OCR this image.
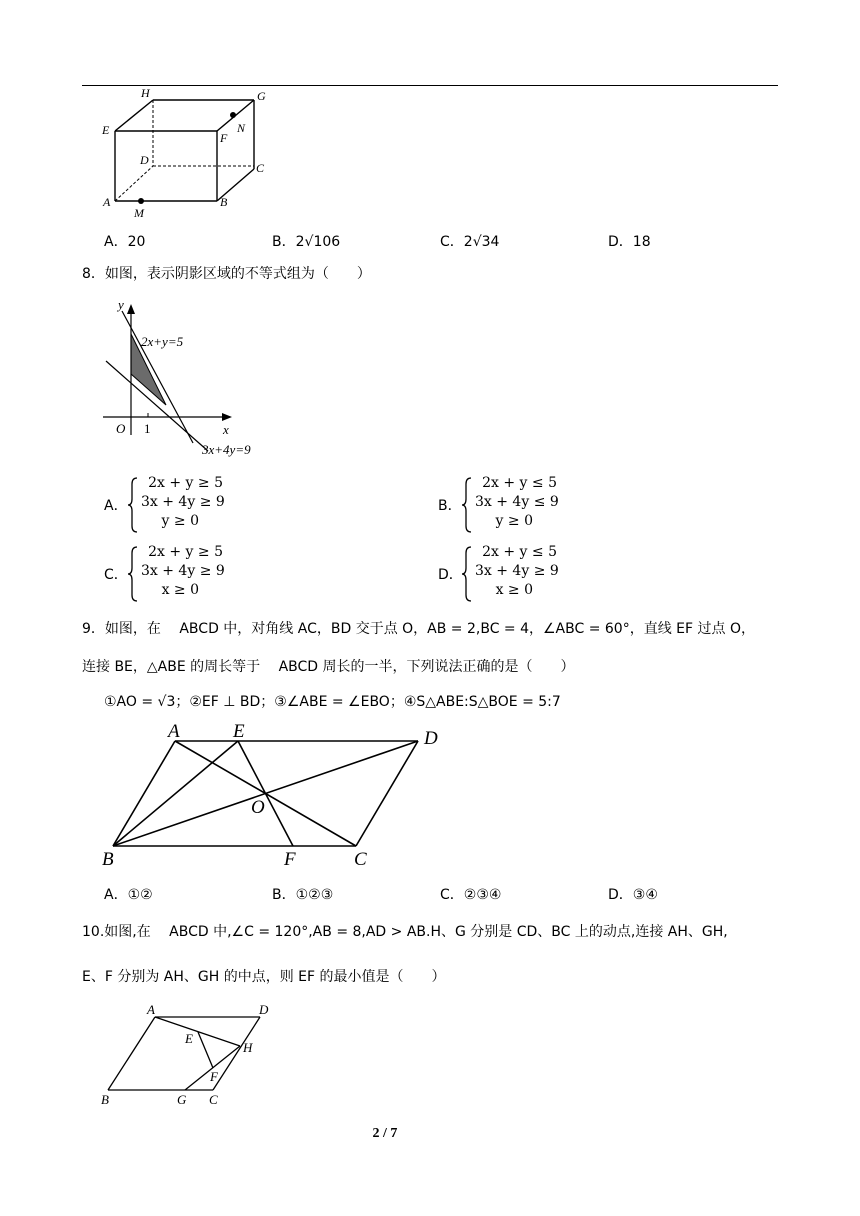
H	G
E
F
N
D
C
A	B
M
A．20	B．2√106	C．2√34	D．18
8．如图，表示阴影区域的不等式组为（　　）
y
2x+y=5
x
O 1
3x+4y=9
A．
2x + y ≥ 5
3x + 4y ≥ 9
y ≥ 0
B．
2x + y ≤ 5
3x + 4y ≤ 9
y ≥ 0
C．
2x + y ≥ 5
3x + 4y ≥ 9
x ≥ 0
D．
2x + y ≤ 5
3x + 4y ≥ 9
x ≥ 0
9．如图，在　 ABCD 中，对角线 AC，BD 交于点 O，AB = 2,BC = 4，∠ABC = 60°，直线 EF 过点 O，
连接 BE，△ABE 的周长等于　 ABCD 周长的一半，下列说法正确的是（　　）
①AO = √3；②EF ⊥ BD；③∠ABE = ∠EBO；④S△ABE:S△BOE = 5:7
A	E	D
O
B	F	C
A．①②	B．①②③	C．②③④	D．③④
10.如图,在　 ABCD 中,∠C = 120°,AB = 8,AD > AB.H、G 分别是 CD、BC 上的动点,连接 AH、GH,
E、F 分别为 AH、GH 的中点，则 EF 的最小值是（　　）
A	D
E
H
F
B	G C
2 / 7
